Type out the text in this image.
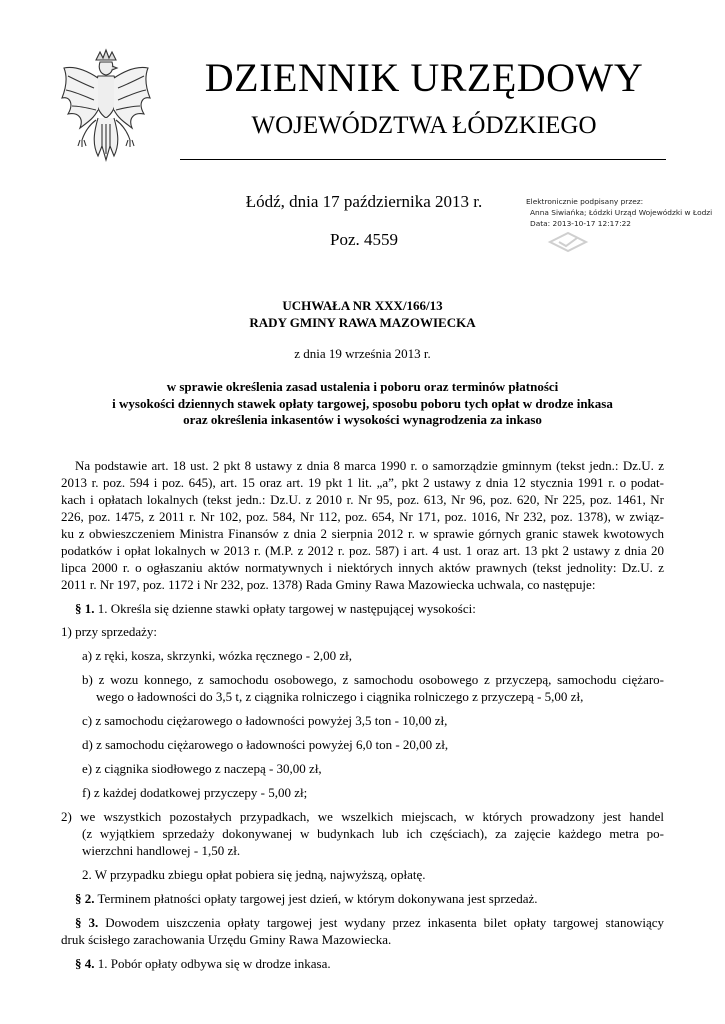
DZIENNIK URZĘDOWY
WOJEWÓDZTWA ŁÓDZKIEGO
Łódź, dnia 17 października 2013 r.
Poz. 4559
Elektronicznie podpisany przez:
Anna Siwiańka; Łódzki Urząd Wojewódzki w Łodzi
Data: 2013-10-17 12:17:22
UCHWAŁA NR XXX/166/13
RADY GMINY RAWA MAZOWIECKA
z dnia 19 września 2013 r.
w sprawie określenia zasad ustalenia i poboru oraz terminów płatności
i wysokości dziennych stawek opłaty targowej, sposobu poboru tych opłat w drodze inkasa
oraz określenia inkasentów i wysokości wynagrodzenia za inkaso
Na podstawie art. 18 ust. 2 pkt 8 ustawy z dnia 8 marca 1990 r. o samorządzie gminnym (tekst jedn.: Dz.U. z
2013 r. poz. 594 i poz. 645), art. 15 oraz art. 19 pkt 1 lit. „a”, pkt 2 ustawy z dnia 12 stycznia 1991 r. o podat-
kach i opłatach lokalnych (tekst jedn.: Dz.U. z 2010 r. Nr 95, poz. 613, Nr 96, poz. 620, Nr 225, poz. 1461, Nr
226, poz. 1475, z 2011 r. Nr 102, poz. 584, Nr 112, poz. 654, Nr 171, poz. 1016, Nr 232, poz. 1378), w związ-
ku z obwieszczeniem Ministra Finansów z dnia 2 sierpnia 2012 r. w sprawie górnych granic stawek kwotowych
podatków i opłat lokalnych w 2013 r. (M.P. z 2012 r. poz. 587) i art. 4 ust. 1 oraz art. 13 pkt 2 ustawy z dnia 20
lipca 2000 r. o ogłaszaniu aktów normatywnych i niektórych innych aktów prawnych (tekst jednolity: Dz.U. z
2011 r. Nr 197, poz. 1172 i Nr 232, poz. 1378) Rada Gminy Rawa Mazowiecka uchwala, co następuje:
§ 1. 1. Określa się dzienne stawki opłaty targowej w następującej wysokości:
1) przy sprzedaży:
a) z ręki, kosza, skrzynki, wózka ręcznego - 2,00 zł,
b) z wozu konnego, z samochodu osobowego, z samochodu osobowego z przyczepą, samochodu ciężaro-
wego o ładowności do 3,5 t, z ciągnika rolniczego i ciągnika rolniczego z przyczepą - 5,00 zł,
c) z samochodu ciężarowego o ładowności powyżej 3,5 ton - 10,00 zł,
d) z samochodu ciężarowego o ładowności powyżej 6,0 ton - 20,00 zł,
e) z ciągnika siodłowego z naczepą - 30,00 zł,
f) z każdej dodatkowej przyczepy - 5,00 zł;
2) we wszystkich pozostałych przypadkach, we wszelkich miejscach, w których prowadzony jest handel
(z wyjątkiem sprzedaży dokonywanej w budynkach lub ich częściach), za zajęcie każdego metra po-
wierzchni handlowej - 1,50 zł.
2. W przypadku zbiegu opłat pobiera się jedną, najwyższą, opłatę.
§ 2. Terminem płatności opłaty targowej jest dzień, w którym dokonywana jest sprzedaż.
§ 3. Dowodem uiszczenia opłaty targowej jest wydany przez inkasenta bilet opłaty targowej stanowiący
druk ścisłego zarachowania Urzędu Gminy Rawa Mazowiecka.
§ 4. 1. Pobór opłaty odbywa się w drodze inkasa.
